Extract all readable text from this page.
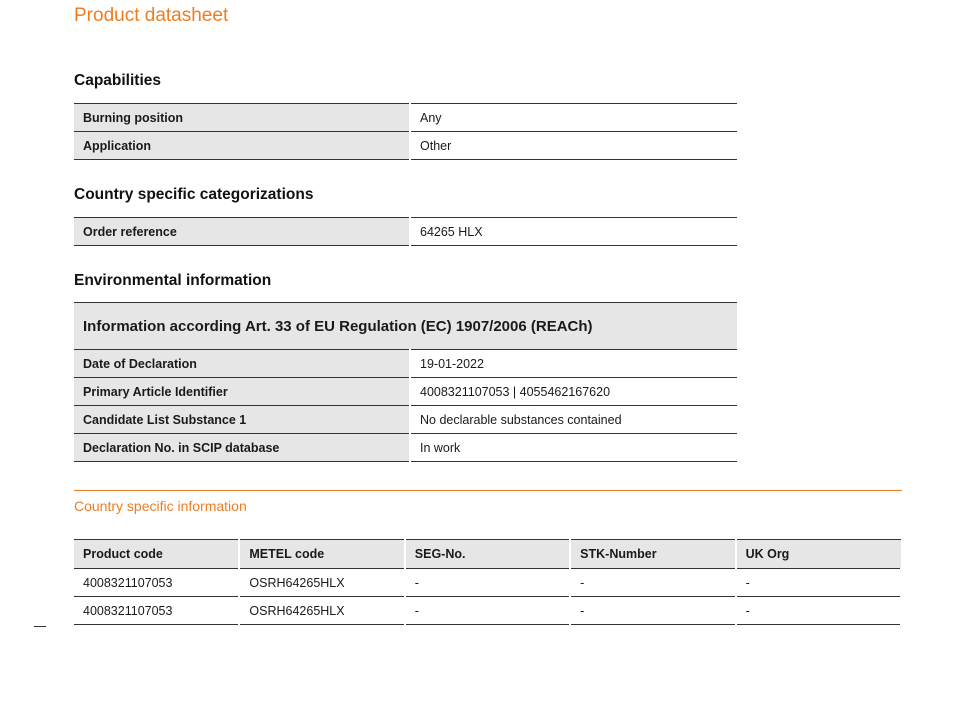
Product datasheet
Capabilities
Burning position	Any
Application	Other
Country specific categorizations
Order reference	64265 HLX
Environmental information
Information according Art. 33 of EU Regulation (EC) 1907/2006 (REACh)	
Date of Declaration	19-01-2022
Primary Article Identifier	4008321107053 | 4055462167620
Candidate List Substance 1	No declarable substances contained
Declaration No. in SCIP database	In work
Country specific information
Product code	METEL code	SEG-No.	STK-Number	UK Org
4008321107053	OSRH64265HLX	-	-	-
4008321107053	OSRH64265HLX	-	-	-
